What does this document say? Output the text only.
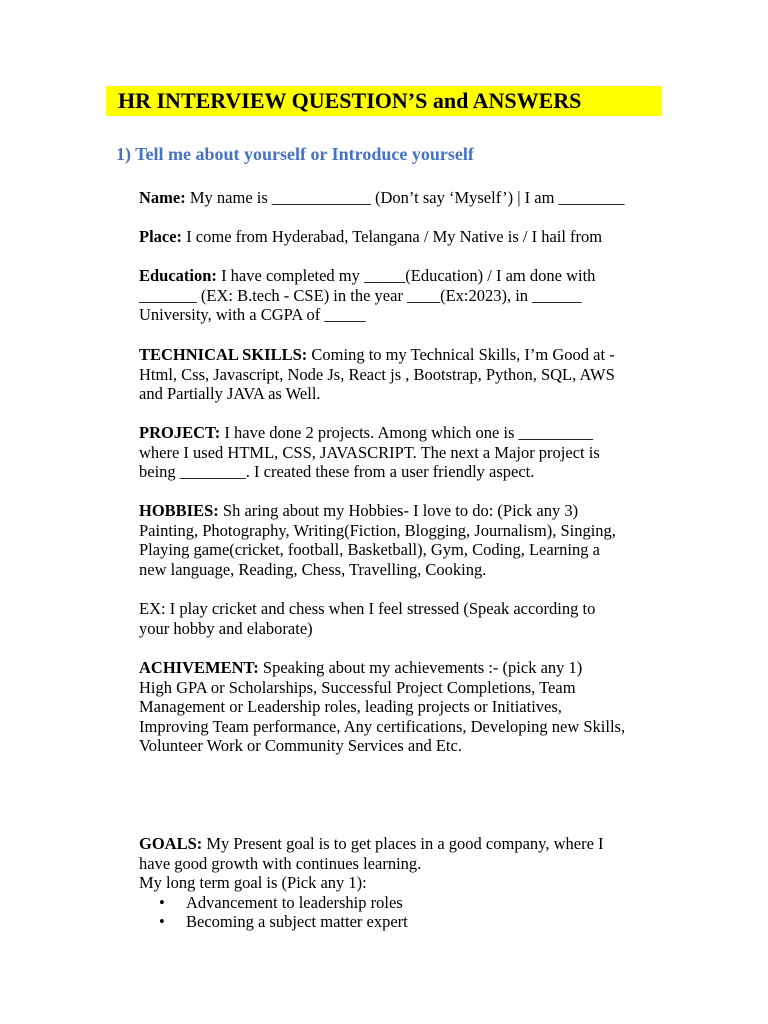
HR INTERVIEW QUESTION’S and ANSWERS
1) Tell me about yourself or Introduce yourself

Name: My name is ____________ (Don’t say ‘Myself’) | I am ________

Place: I come from Hyderabad, Telangana / My Native is / I hail from

Education: I have completed my _____(Education) / I am done with

_______ (EX: B.tech - CSE) in the year ____(Ex:2023), in ______

University, with a CGPA of _____

TECHNICAL SKILLS: Coming to my Technical Skills, I’m Good at -

Html, Css, Javascript, Node Js, React js , Bootstrap, Python, SQL, AWS

and Partially JAVA as Well.

PROJECT: I have done 2 projects. Among which one is _________

where I used HTML, CSS, JAVASCRIPT. The next a Major project is

being ________. I created these from a user friendly aspect.

HOBBIES: Sh aring about my Hobbies- I love to do: (Pick any 3)

Painting, Photography, Writing(Fiction, Blogging, Journalism), Singing,

Playing game(cricket, football, Basketball), Gym, Coding, Learning a

new language, Reading, Chess, Travelling, Cooking.

EX: I play cricket and chess when I feel stressed (Speak according to

your hobby and elaborate)

ACHIVEMENT: Speaking about my achievements :- (pick any 1)

High GPA or Scholarships, Successful Project Completions, Team

Management or Leadership roles, leading projects or Initiatives,

Improving Team performance, Any certifications, Developing new Skills,

Volunteer Work or Community Services and Etc.

GOALS: My Present goal is to get places in a good company, where I

have good growth with continues learning.

My long term goal is (Pick any 1):

• Advancement to leadership roles
• Becoming a subject matter expert
